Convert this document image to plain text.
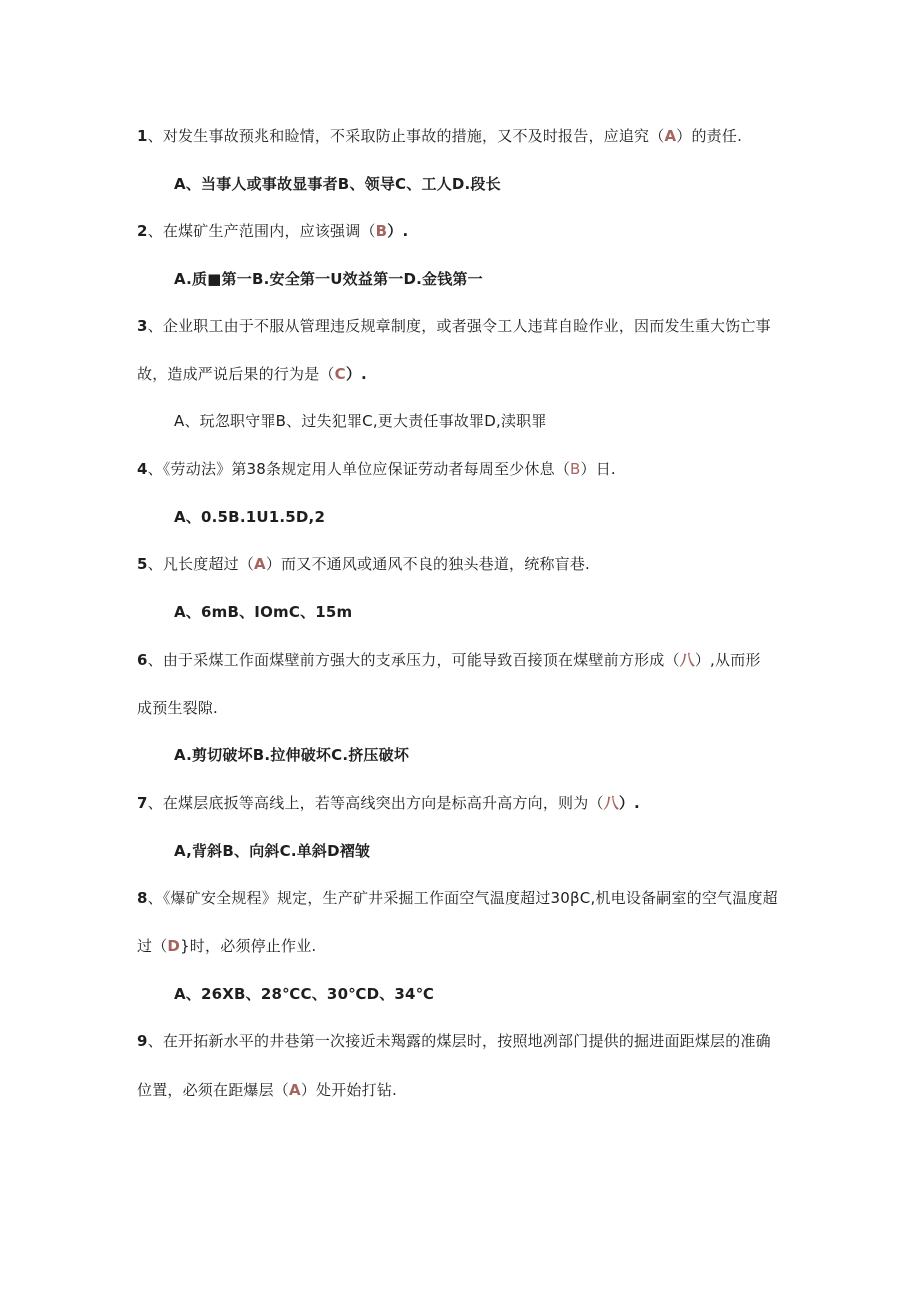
1、对发生事故预兆和睑情，不采取防止事故的措施，又不及时报告，应追究（A）的责任.
A、当事人或事故显事者B、领导C、工人D.段长
2、在煤矿生产范围内，应该强调（B）.
A.质■第一B.安全第一U效益第一D.金钱第一
3、企业职工由于不服从管理违反规章制度，或者强令工人违茸自睑作业，因而发生重大饬亡事
故，造成严说后果的行为是（C）.
A、玩忽职守罪B、过失犯罪C,更大责任事故罪D,渎职罪
4、《劳动法》第38条规定用人单位应保证劳动者每周至少休息（B）日.
A、0.5B.1U1.5D,2
5、凡长度超过（A）而又不通风或通风不良的独头巷道，统称盲巷.
A、6mB、IOmC、15m
6、由于采煤工作面煤壁前方强大的支承压力，可能导致百接顶在煤壁前方形成（八）,从而形
成预生裂隙.
A.剪切破坏B.拉伸破坏C.挤压破坏
7、在煤层底扳等高线上，若等高线突出方向是标高升高方向，则为（八）.
A,背斜B、向斜C.单斜D褶皱
8、《爆矿安全规程》规定，生产矿井采掘工作面空气温度超过30βC,机电设备嗣室的空气温度超
过（D}时，必须停止作业.
A、26XB、28℃C、30℃D、34℃
9、在开拓新水平的井巷第一次接近未羯露的煤层时，按照地冽部门提供的掘进面距煤层的准确
位置，必须在距爆层（A）处开始打钻.
